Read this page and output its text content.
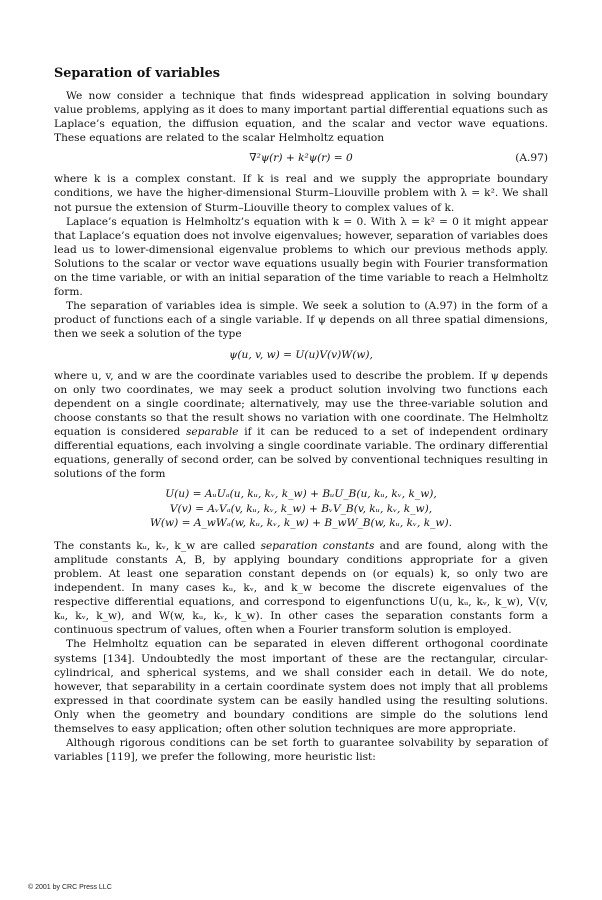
Separation of variables

We now consider a technique that finds widespread application in solving boundary value problems, applying as it does to many important partial differential equations such as Laplace’s equation, the diffusion equation, and the scalar and vector wave equations. These equations are related to the scalar Helmholtz equation

∇²ψ(r) + k²ψ(r) = 0	(A.97)

where k is a complex constant. If k is real and we supply the appropriate boundary conditions, we have the higher-dimensional Sturm–Liouville problem with λ = k². We shall not pursue the extension of Sturm–Liouville theory to complex values of k.

Laplace’s equation is Helmholtz’s equation with k = 0. With λ = k² = 0 it might appear that Laplace’s equation does not involve eigenvalues; however, separation of variables does lead us to lower-dimensional eigenvalue problems to which our previous methods apply. Solutions to the scalar or vector wave equations usually begin with Fourier transformation on the time variable, or with an initial separation of the time variable to reach a Helmholtz form.

The separation of variables idea is simple. We seek a solution to (A.97) in the form of a product of functions each of a single variable. If ψ depends on all three spatial dimensions, then we seek a solution of the type

ψ(u, v, w) = U(u)V(v)W(w),

where u, v, and w are the coordinate variables used to describe the problem. If ψ depends on only two coordinates, we may seek a product solution involving two functions each dependent on a single coordinate; alternatively, may use the three-variable solution and choose constants so that the result shows no variation with one coordinate. The Helmholtz equation is considered separable if it can be reduced to a set of independent ordinary differential equations, each involving a single coordinate variable. The ordinary differential equations, generally of second order, can be solved by conventional techniques resulting in solutions of the form

U(u) = AᵤUₐ(u, kᵤ, kᵥ, k_w) + BᵤU_B(u, kᵤ, kᵥ, k_w),
V(v) = AᵥVₐ(v, kᵤ, kᵥ, k_w) + BᵥV_B(v, kᵤ, kᵥ, k_w),
W(w) = A_wWₐ(w, kᵤ, kᵥ, k_w) + B_wW_B(w, kᵤ, kᵥ, k_w).

The constants kᵤ, kᵥ, k_w are called separation constants and are found, along with the amplitude constants A, B, by applying boundary conditions appropriate for a given problem. At least one separation constant depends on (or equals) k, so only two are independent. In many cases kᵤ, kᵥ, and k_w become the discrete eigenvalues of the respective differential equations, and correspond to eigenfunctions U(u, kᵤ, kᵥ, k_w), V(v, kᵤ, kᵥ, k_w), and W(w, kᵤ, kᵥ, k_w). In other cases the separation constants form a continuous spectrum of values, often when a Fourier transform solution is employed.

The Helmholtz equation can be separated in eleven different orthogonal coordinate systems [134]. Undoubtedly the most important of these are the rectangular, circular-cylindrical, and spherical systems, and we shall consider each in detail. We do note, however, that separability in a certain coordinate system does not imply that all problems expressed in that coordinate system can be easily handled using the resulting solutions. Only when the geometry and boundary conditions are simple do the solutions lend themselves to easy application; often other solution techniques are more appropriate.

Although rigorous conditions can be set forth to guarantee solvability by separation of variables [119], we prefer the following, more heuristic list:

© 2001 by CRC Press LLC
